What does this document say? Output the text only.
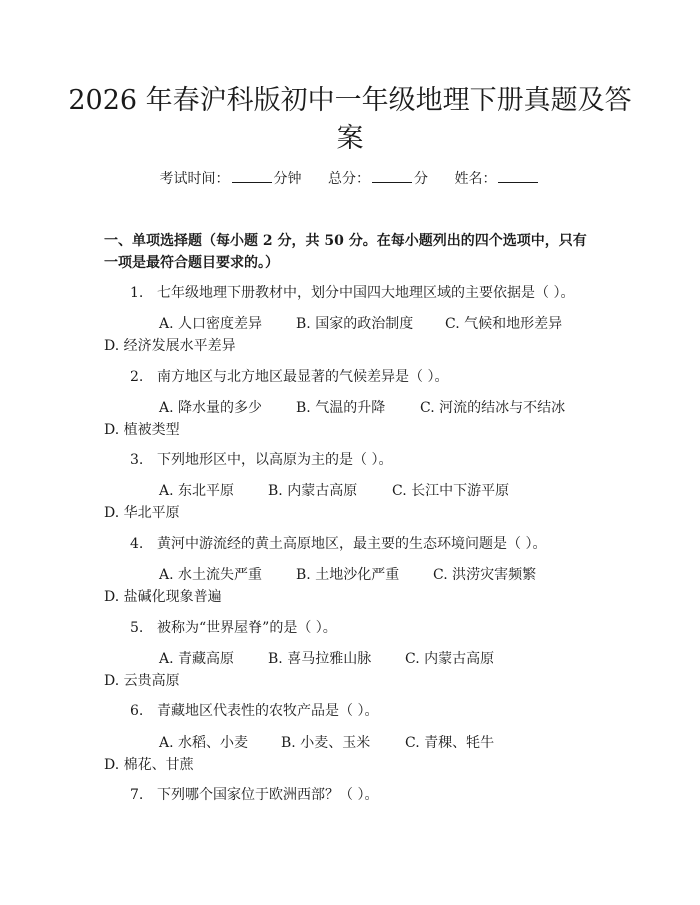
2026 年春沪科版初中一年级地理下册真题及答案
考试时间：	分钟 总分：	分 姓名：
一、单项选择题（每小题 2 分，共 50 分。在每小题列出的四个选项中，只有一项是最符合题目要求的。）
1. 七年级地理下册教材中，划分中国四大地理区域的主要依据是（ ）。
A. 人口密度差异 B. 国家的政治制度 C. 气候和地形差异
D. 经济发展水平差异
2. 南方地区与北方地区最显著的气候差异是（ ）。
A. 降水量的多少 B. 气温的升降 C. 河流的结冰与不结冰
D. 植被类型
3. 下列地形区中，以高原为主的是（ ）。
A. 东北平原 B. 内蒙古高原 C. 长江中下游平原D. 华北平原
4. 黄河中游流经的黄土高原地区，最主要的生态环境问题是（ ）。
A. 水土流失严重 B. 土地沙化严重 C. 洪涝灾害频繁D. 盐碱化现象普遍
5. 被称为“世界屋脊”的是（ ）。
A. 青藏高原 B. 喜马拉雅山脉 C. 内蒙古高原D. 云贵高原
6. 青藏地区代表性的农牧产品是（ ）。
A. 水稻、小麦 B. 小麦、玉米 C. 青稞、牦牛D. 棉花、甘蔗
7. 下列哪个国家位于欧洲西部？（ ）。
